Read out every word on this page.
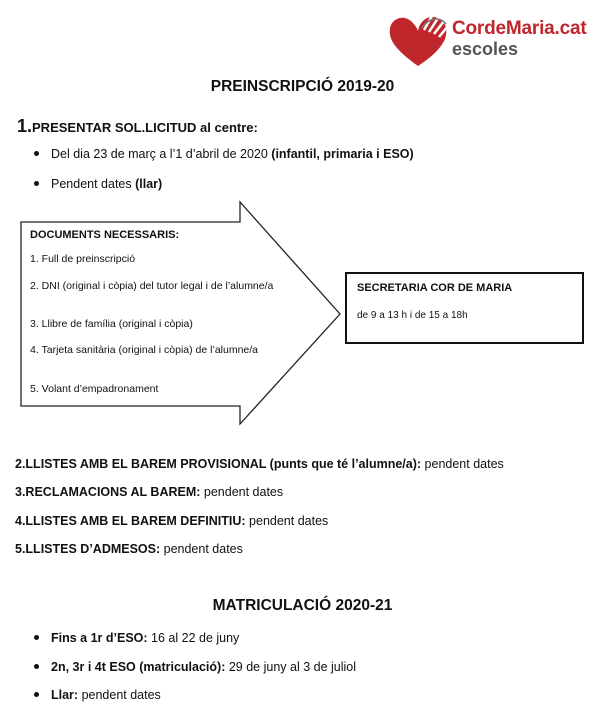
CordeMaria.cat
escoles
PREINSCRIPCIÓ 2019-20
1.PRESENTAR SOL.LICITUD al centre:
Del dia 23 de març a l’1 d’abril de 2020 (infantil, primaria i ESO)
Pendent dates (llar)
DOCUMENTS NECESSARIS:
1. Full de preinscripció
2. DNI (original i còpia) del tutor legal i de l’alumne/a
3. Llibre de família (original i còpia)
4. Tarjeta sanitària (original i còpia) de l’alumne/a
5. Volant d’empadronament
SECRETARIA COR DE MARIA
de 9 a 13 h i de 15 a 18h
2.LLISTES AMB EL BAREM PROVISIONAL (punts que té l’alumne/a): pendent dates
3.RECLAMACIONS AL BAREM: pendent dates
4.LLISTES AMB EL BAREM DEFINITIU: pendent dates
5.LLISTES D’ADMESOS: pendent dates
MATRICULACIÓ 2020-21
Fins a 1r d’ESO: 16 al 22 de juny
2n, 3r i 4t ESO (matriculació): 29 de juny al 3 de juliol
Llar: pendent dates
